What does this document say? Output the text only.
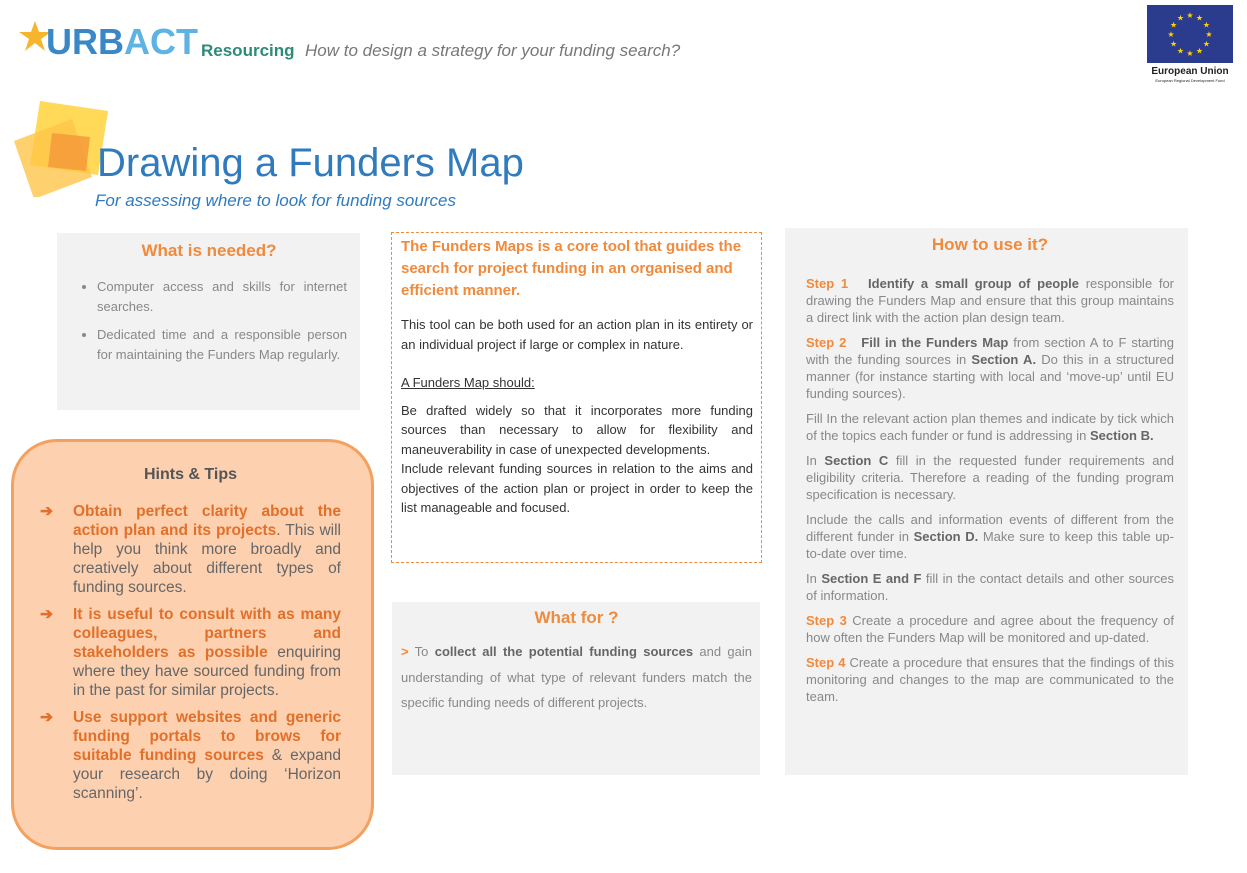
URBACT Resourcing How to design a strategy for your funding search?
★ ★
★
★
★
★
★
★
★
★
★
★
European Union
European Regional Development Fund
Drawing a Funders Map
For assessing where to look for funding sources
What is needed?
• Computer access and skills for internet searches.
• Dedicated time and a responsible person for maintaining the Funders Map regularly.
Hints & Tips
➔	Obtain perfect clarity about the action plan and its projects. This will help you think more broadly and creatively about different types of funding sources.
➔	It is useful to consult with as many colleagues, partners and stakeholders as possible enquiring where they have sourced funding from in the past for similar projects.
➔	Use support websites and generic funding portals to brows for suitable funding sources & expand your research by doing ‘Horizon scanning’.
The Funders Maps is a core tool that guides the search for project funding in an organised and efficient manner.

This tool can be both used for an action plan in its entirety or an individual project if large or complex in nature.

A Funders Map should:

Be drafted widely so that it incorporates more funding sources than necessary to allow for flexibility and maneuverability in case of unexpected developments.

Include relevant funding sources in relation to the aims and objectives of the action plan or project in order to keep the list manageable and focused.

What for ?
> To collect all the potential funding sources and gain understanding of what type of relevant funders match the specific funding needs of different projects.
How to use it?

Step 1 Identify a small group of people responsible for drawing the Funders Map and ensure that this group maintains a direct link with the action plan design team.

Step 2 Fill in the Funders Map from section A to F starting with the funding sources in Section A. Do this in a structured manner (for instance starting with local and ‘move-up’ until EU funding sources).

Fill In the relevant action plan themes and indicate by tick which of the topics each funder or fund is addressing in Section B.

In Section C fill in the requested funder requirements and eligibility criteria. Therefore a reading of the funding program specification is necessary.

Include the calls and information events of different from the different funder in Section D. Make sure to keep this table up-to-date over time.

In Section E and F fill in the contact details and other sources of information.

Step 3 Create a procedure and agree about the frequency of how often the Funders Map will be monitored and up-dated.

Step 4 Create a procedure that ensures that the findings of this monitoring and changes to the map are communicated to the team.
